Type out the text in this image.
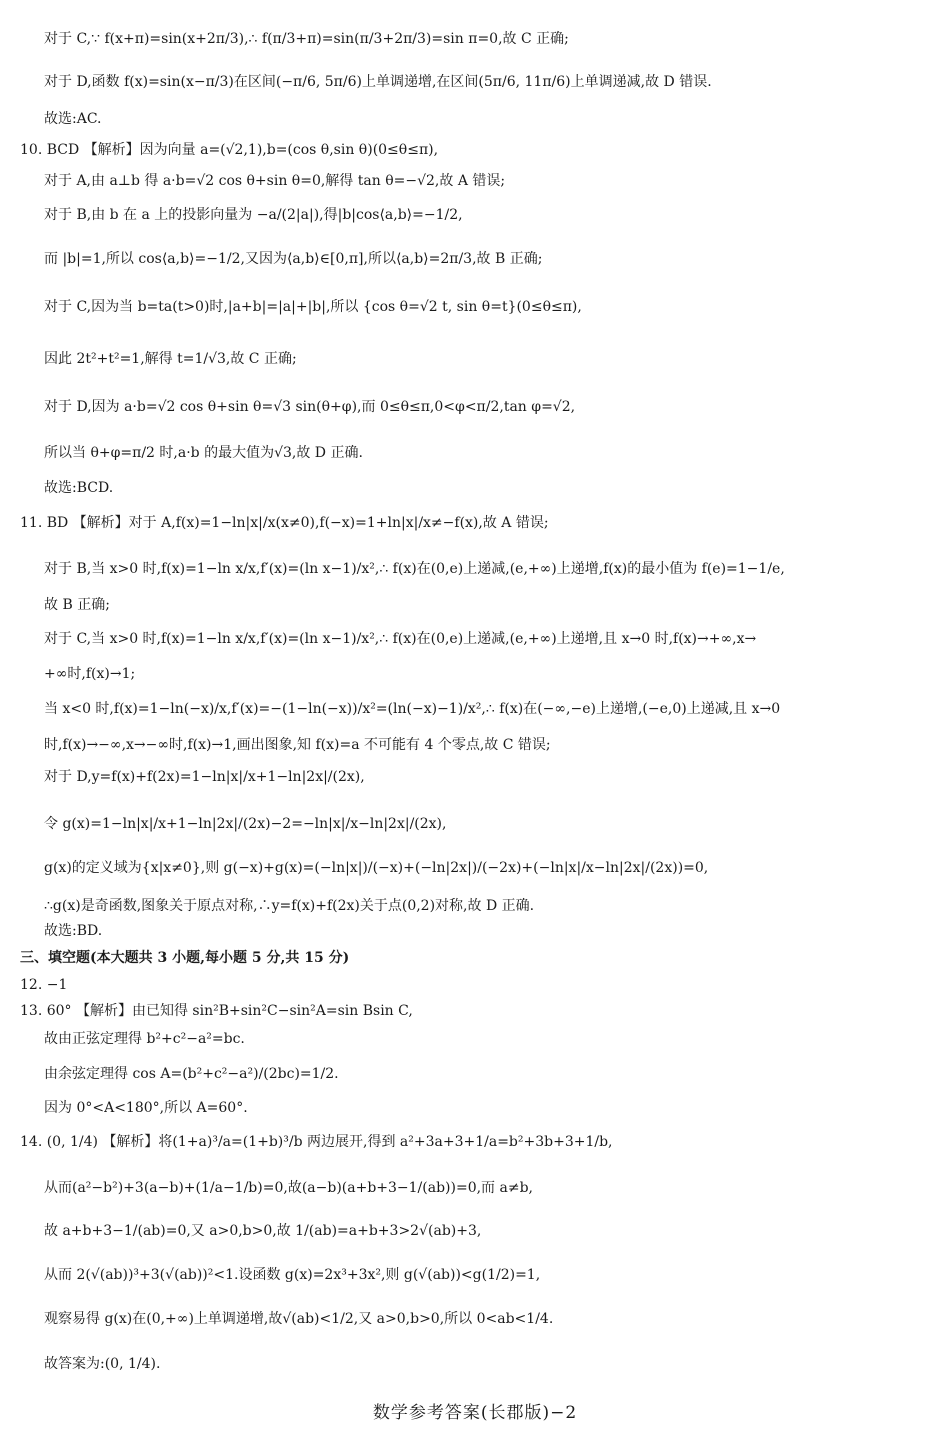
对于 C,∵ f(x+π)=sin(x+2π/3),∴ f(π/3+π)=sin(π/3+2π/3)=sin π=0,故 C 正确;
对于 D,函数 f(x)=sin(x−π/3)在区间(−π/6, 5π/6)上单调递增,在区间(5π/6, 11π/6)上单调递减,故 D 错误.
故选:AC.
10. BCD 【解析】因为向量 a=(√2,1),b=(cos θ,sin θ)(0≤θ≤π),
对于 A,由 a⊥b 得 a·b=√2 cos θ+sin θ=0,解得 tan θ=−√2,故 A 错误;
对于 B,由 b 在 a 上的投影向量为 −a/(2|a|),得|b|cos⟨a,b⟩=−1/2,
而 |b|=1,所以 cos⟨a,b⟩=−1/2,又因为⟨a,b⟩∈[0,π],所以⟨a,b⟩=2π/3,故 B 正确;
对于 C,因为当 b=ta(t>0)时,|a+b|=|a|+|b|,所以 {cos θ=√2 t, sin θ=t}(0≤θ≤π),
因此 2t²+t²=1,解得 t=1/√3,故 C 正确;
对于 D,因为 a·b=√2 cos θ+sin θ=√3 sin(θ+φ),而 0≤θ≤π,0<φ<π/2,tan φ=√2,
所以当 θ+φ=π/2 时,a·b 的最大值为√3,故 D 正确.
故选:BCD.
11. BD 【解析】对于 A,f(x)=1−ln|x|/x(x≠0),f(−x)=1+ln|x|/x≠−f(x),故 A 错误;
对于 B,当 x>0 时,f(x)=1−ln x/x,f′(x)=(ln x−1)/x²,∴ f(x)在(0,e)上递减,(e,+∞)上递增,f(x)的最小值为 f(e)=1−1/e,
故 B 正确;
对于 C,当 x>0 时,f(x)=1−ln x/x,f′(x)=(ln x−1)/x²,∴ f(x)在(0,e)上递减,(e,+∞)上递增,且 x→0 时,f(x)→+∞,x→
+∞时,f(x)→1;
当 x<0 时,f(x)=1−ln(−x)/x,f′(x)=−(1−ln(−x))/x²=(ln(−x)−1)/x²,∴ f(x)在(−∞,−e)上递增,(−e,0)上递减,且 x→0
时,f(x)→−∞,x→−∞时,f(x)→1,画出图象,知 f(x)=a 不可能有 4 个零点,故 C 错误;
对于 D,y=f(x)+f(2x)=1−ln|x|/x+1−ln|2x|/(2x),
令 g(x)=1−ln|x|/x+1−ln|2x|/(2x)−2=−ln|x|/x−ln|2x|/(2x),
g(x)的定义域为{x|x≠0},则 g(−x)+g(x)=(−ln|x|)/(−x)+(−ln|2x|)/(−2x)+(−ln|x|/x−ln|2x|/(2x))=0,
∴g(x)是奇函数,图象关于原点对称,∴y=f(x)+f(2x)关于点(0,2)对称,故 D 正确.
故选:BD.
三、填空题(本大题共 3 小题,每小题 5 分,共 15 分)
12. −1
13. 60° 【解析】由已知得 sin²B+sin²C−sin²A=sin Bsin C,
故由正弦定理得 b²+c²−a²=bc.
由余弦定理得 cos A=(b²+c²−a²)/(2bc)=1/2.
因为 0°<A<180°,所以 A=60°.
14. (0, 1/4) 【解析】将(1+a)³/a=(1+b)³/b 两边展开,得到 a²+3a+3+1/a=b²+3b+3+1/b,
从而(a²−b²)+3(a−b)+(1/a−1/b)=0,故(a−b)(a+b+3−1/(ab))=0,而 a≠b,
故 a+b+3−1/(ab)=0,又 a>0,b>0,故 1/(ab)=a+b+3>2√(ab)+3,
从而 2(√(ab))³+3(√(ab))²<1.设函数 g(x)=2x³+3x²,则 g(√(ab))<g(1/2)=1,
观察易得 g(x)在(0,+∞)上单调递增,故√(ab)<1/2,又 a>0,b>0,所以 0<ab<1/4.
故答案为:(0, 1/4).
数学参考答案(长郡版)−2
